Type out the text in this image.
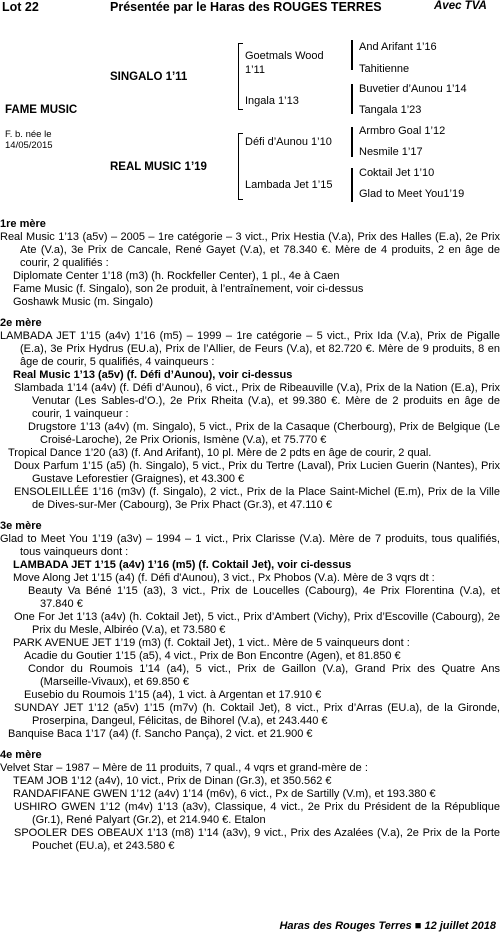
Lot 22	Présentée par le Haras des ROUGES TERRES	Avec TVA
FAME MUSIC
F. b. née le 14/05/2015
SINGALO 1’11
REAL MUSIC 1’19
Goetmals Wood 1’11
Ingala 1’13
Défi d’Aunou 1’10
Lambada Jet 1’15
And Arifant 1’16
Tahitienne
Buvetier d’Aunou 1’14
Tangala 1’23
Armbro Goal 1’12
Nesmile 1’17
Coktail Jet 1’10
Glad to Meet You1’19

1re mère

Real Music 1’13 (a5v) – 2005 – 1re catégorie – 3 vict., Prix Hestia (V.a), Prix des Halles (E.a), 2e Prix Ate (V.a), 3e Prix de Cancale, René Gayet (V.a), et 78.340 €. Mère de 4 produits, 2 en âge de courir, 2 qualifiés :

Diplomate Center 1’18 (m3) (h. Rockfeller Center), 1 pl., 4e à Caen

Fame Music (f. Singalo), son 2e produit, à l’entraînement, voir ci-dessus

Goshawk Music (m. Singalo)

2e mère

LAMBADA JET 1’15 (a4v) 1’16 (m5) – 1999 – 1re catégorie – 5 vict., Prix Ida (V.a), Prix de Pigalle (E.a), 3e Prix Hydrus (EU.a), Prix de l’Allier, de Feurs (V.a), et 82.720 €. Mère de 9 produits, 8 en âge de courir, 5 qualifiés, 4 vainqueurs :

Real Music 1’13 (a5v) (f. Défi d’Aunou), voir ci-dessus

Slambada 1’14 (a4v) (f. Défi d’Aunou), 6 vict., Prix de Ribeauville (V.a), Prix de la Nation (E.a), Prix Venutar (Les Sables-d’O.), 2e Prix Rheita (V.a), et 99.380 €. Mère de 2 produits en âge de courir, 1 vainqueur :

Drugstore 1’13 (a4v) (m. Singalo), 5 vict., Prix de la Casaque (Cherbourg), Prix de Belgique (Le Croisé-Laroche), 2e Prix Orionis, Ismène (V.a), et 75.770 €

Tropical Dance 1’20 (a3) (f. And Arifant), 10 pl. Mère de 2 pdts en âge de courir, 2 qual.

Doux Parfum 1’15 (a5) (h. Singalo), 5 vict., Prix du Tertre (Laval), Prix Lucien Guerin (Nantes), Prix Gustave Leforestier (Graignes), et 43.300 €

ENSOLEILLÉE 1’16 (m3v) (f. Singalo), 2 vict., Prix de la Place Saint-Michel (E.m), Prix de la Ville de Dives-sur-Mer (Cabourg), 3e Prix Phact (Gr.3), et 47.110 €

3e mère

Glad to Meet You 1’19 (a3v) – 1994 – 1 vict., Prix Clarisse (V.a). Mère de 7 produits, tous qualifiés, tous vainqueurs dont :

LAMBADA JET 1’15 (a4v) 1’16 (m5) (f. Coktail Jet), voir ci-dessus

Move Along Jet 1’15 (a4) (f. Défi d'Aunou), 3 vict., Px Phobos (V.a). Mère de 3 vqrs dt :

Beauty Va Béné 1’15 (a3), 3 vict., Prix de Loucelles (Cabourg), 4e Prix Florentina (V.a), et 37.840 €

One For Jet 1’13 (a4v) (h. Coktail Jet), 5 vict., Prix d’Ambert (Vichy), Prix d’Escoville (Cabourg), 2e Prix du Mesle, Albiréo (V.a), et 73.580 €

PARK AVENUE JET 1’19 (m3) (f. Coktail Jet), 1 vict.. Mère de 5 vainqueurs dont :

Acadie du Goutier 1’15 (a5), 4 vict., Prix de Bon Encontre (Agen), et 81.850 €

Condor du Roumois 1’14 (a4), 5 vict., Prix de Gaillon (V.a), Grand Prix des Quatre Ans (Marseille-Vivaux), et 69.850 €

Eusebio du Roumois 1’15 (a4), 1 vict. à Argentan et 17.910 €

SUNDAY JET 1’12 (a5v) 1’15 (m7v) (h. Coktail Jet), 8 vict., Prix d’Arras (EU.a), de la Gironde, Proserpina, Dangeul, Félicitas, de Bihorel (V.a), et 243.440 €

Banquise Baca 1’17 (a4) (f. Sancho Pança), 2 vict. et 21.900 €

4e mère

Velvet Star – 1987 – Mère de 11 produits, 7 qual., 4 vqrs et grand-mère de :

TEAM JOB 1’12 (a4v), 10 vict., Prix de Dinan (Gr.3), et 350.562 €

RANDAFIFANE GWEN 1’12 (a4v) 1’14 (m6v), 6 vict., Px de Sartilly (V.m), et 193.380 €

USHIRO GWEN 1’12 (m4v) 1’13 (a3v), Classique, 4 vict., 2e Prix du Président de la République (Gr.1), René Palyart (Gr.2), et 214.940 €. Etalon

SPOOLER DES OBEAUX 1’13 (m8) 1’14 (a3v), 9 vict., Prix des Azalées (V.a), 2e Prix de la Porte Pouchet (EU.a), et 243.580 €

Haras des Rouges Terres ■ 12 juillet 2018
